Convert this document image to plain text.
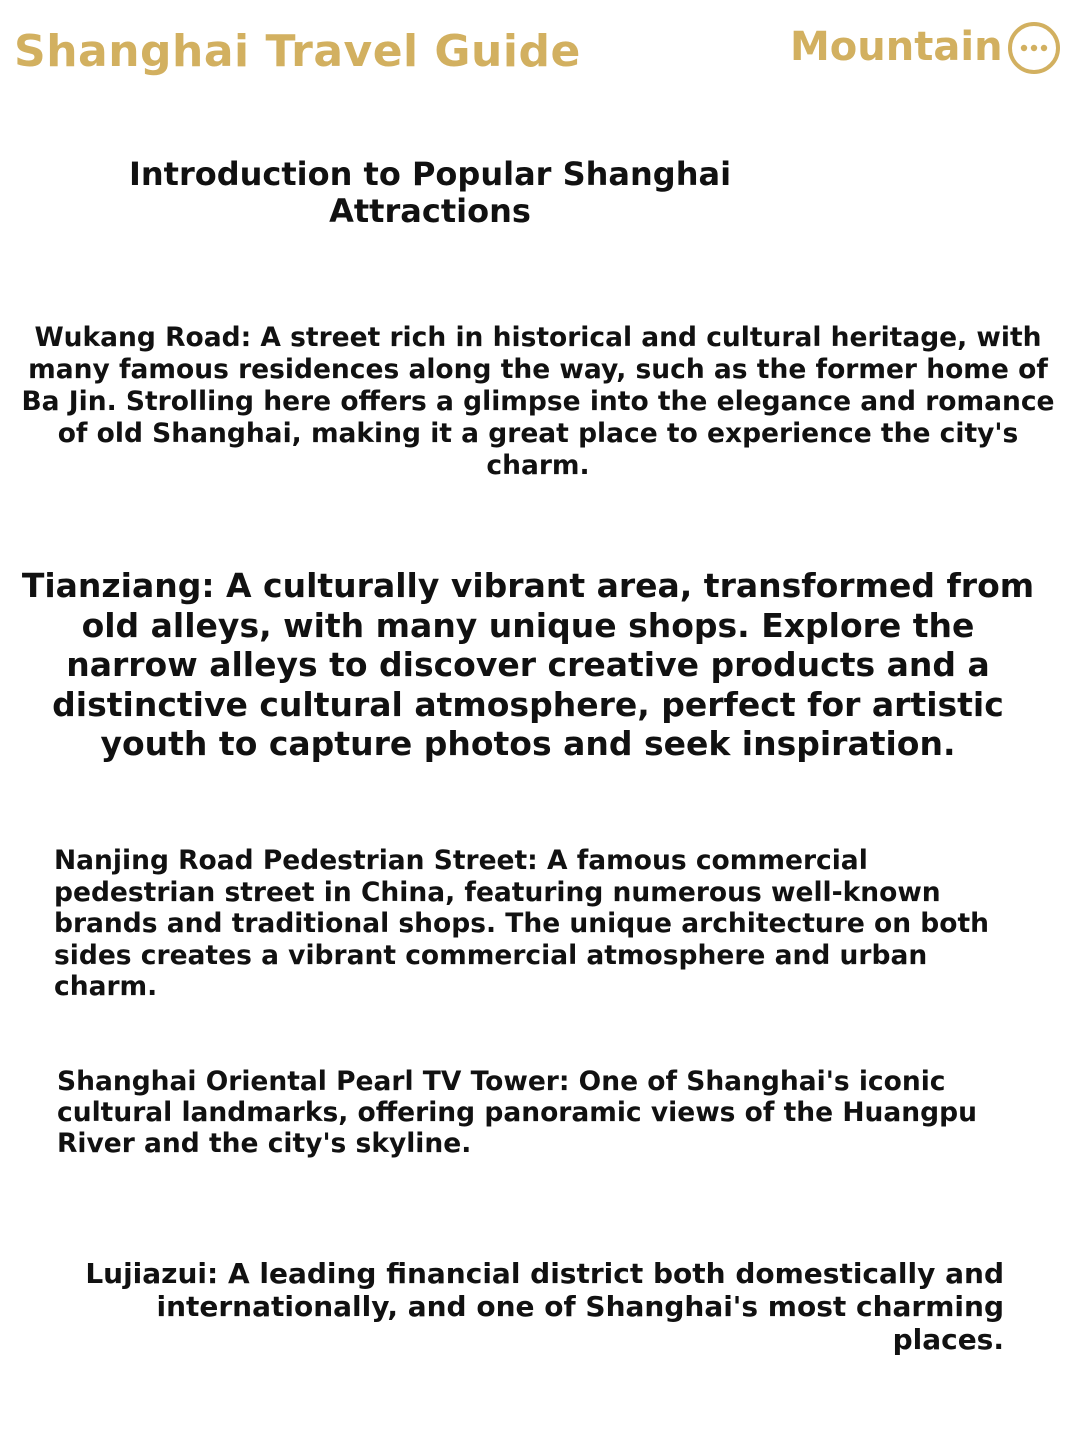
Shanghai Travel Guide	Mountain

Introduction to Popular Shanghai Attractions

Wukang Road: A street rich in historical and cultural heritage, with many famous residences along the way, such as the former home of Ba Jin. Strolling here offers a glimpse into the elegance and romance of old Shanghai, making it a great place to experience the city's charm.

Tianziang: A culturally vibrant area, transformed from old alleys, with many unique shops. Explore the narrow alleys to discover creative products and a distinctive cultural atmosphere, perfect for artistic youth to capture photos and seek inspiration.

Nanjing Road Pedestrian Street: A famous commercial pedestrian street in China, featuring numerous well-known brands and traditional shops. The unique architecture on both sides creates a vibrant commercial atmosphere and urban charm.

Shanghai Oriental Pearl TV Tower: One of Shanghai's iconic cultural landmarks, offering panoramic views of the Huangpu River and the city's skyline.

Lujiazui: A leading financial district both domestically and internationally, and one of Shanghai's most charming places.
